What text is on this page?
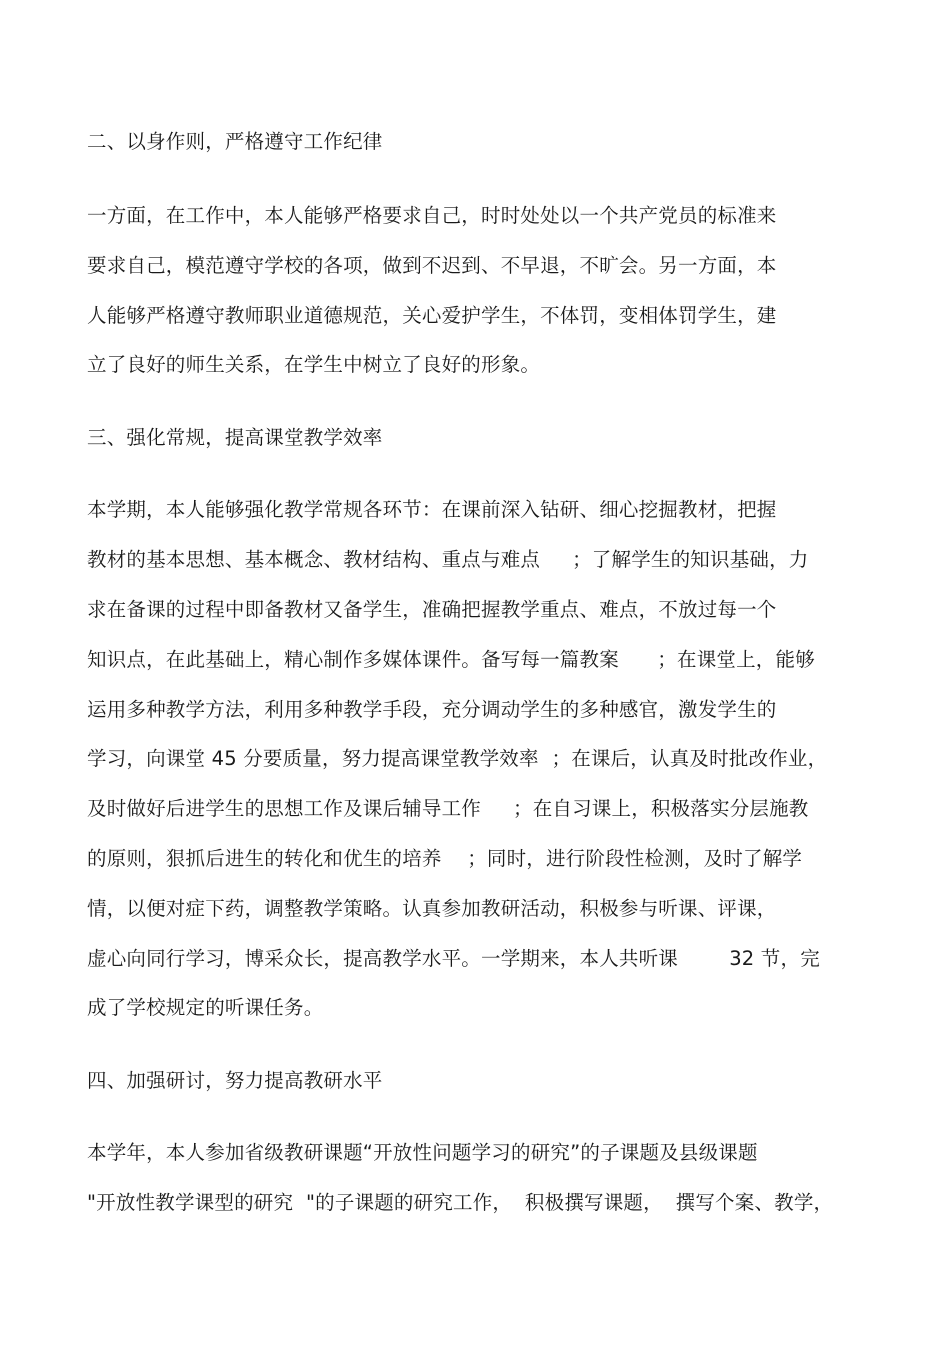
二、以身作则，严格遵守工作纪律
一方面，在工作中，本人能够严格要求自己，时时处处以一个共产党员的标准来
要求自己，模范遵守学校的各项，做到不迟到、不早退，不旷会。另一方面，本
人能够严格遵守教师职业道德规范，关心爱护学生，不体罚，变相体罚学生，建
立了良好的师生关系，在学生中树立了良好的形象。
三、强化常规，提高课堂教学效率
本学期，本人能够强化教学常规各环节：在课前深入钻研、细心挖掘教材，把握
教材的基本思想、基本概念、教材结构、重点与难点     ；了解学生的知识基础，力
求在备课的过程中即备教材又备学生，准确把握教学重点、难点，不放过每一个
知识点，在此基础上，精心制作多媒体课件。备写每一篇教案      ；在课堂上，能够
运用多种教学方法，利用多种教学手段，充分调动学生的多种感官，激发学生的
学习，向课堂 45 分要质量，努力提高课堂教学效率  ；在课后，认真及时批改作业，
及时做好后进学生的思想工作及课后辅导工作     ；在自习课上，积极落实分层施教
的原则，狠抓后进生的转化和优生的培养    ；同时，进行阶段性检测，及时了解学
情，以便对症下药，调整教学策略。认真参加教研活动，积极参与听课、评课，
虚心向同行学习，博采众长，提高教学水平。一学期来，本人共听课        32 节，完
成了学校规定的听课任务。
四、加强研讨，努力提高教研水平
本学年，本人参加省级教研课题“开放性问题学习的研究”的子课题及县级课题
"开放性教学课型的研究  "的子课题的研究工作，  积极撰写课题，  撰写个案、教学，
